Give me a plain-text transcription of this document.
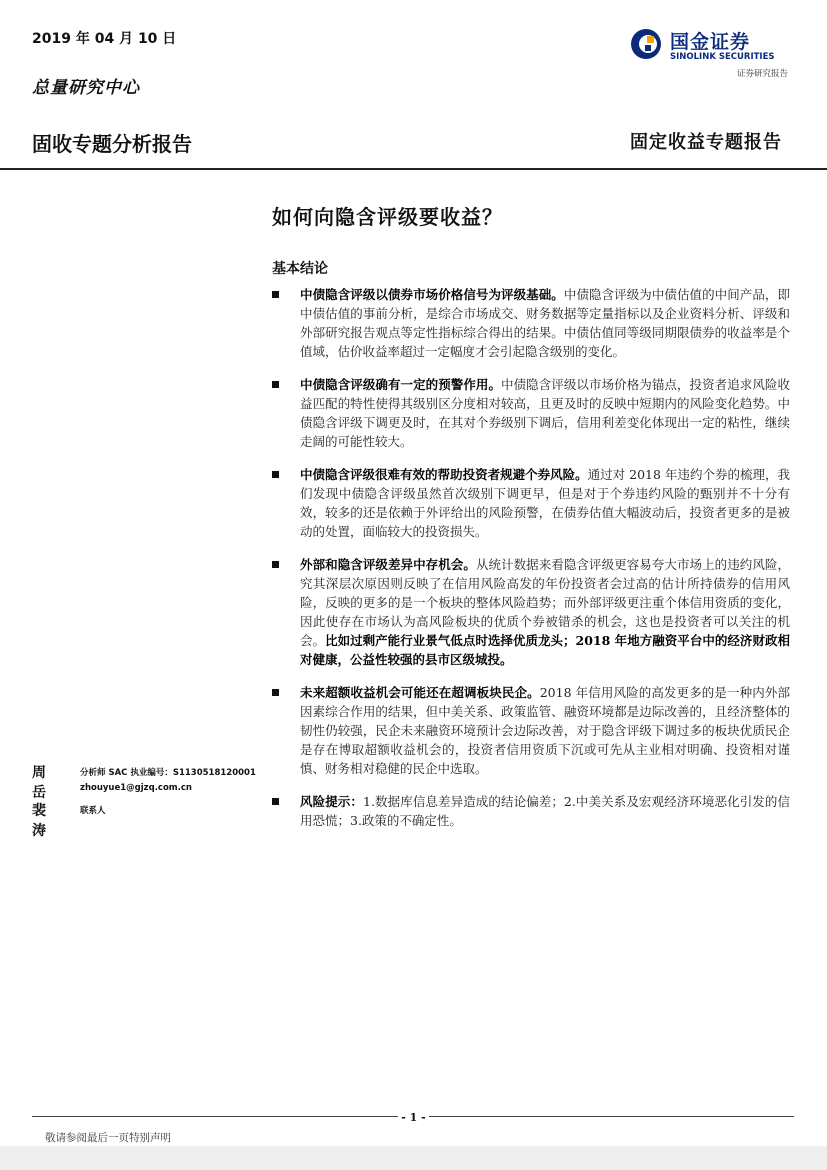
2019 年 04 月 10 日
总量研究中心
国金证券
SINOLINK SECURITIES
证券研究报告
固收专题分析报告	固定收益专题报告
如何向隐含评级要收益？
基本结论
中债隐含评级以债券市场价格信号为评级基础。中债隐含评级为中债估值的中间产品，即中债估值的事前分析，是综合市场成交、财务数据等定量指标以及企业资料分析、评级和外部研究报告观点等定性指标综合得出的结果。中债估值同等级同期限债券的收益率是个值域，估价收益率超过一定幅度才会引起隐含级别的变化。
中债隐含评级确有一定的预警作用。中债隐含评级以市场价格为锚点，投资者追求风险收益匹配的特性使得其级别区分度相对较高，且更及时的反映中短期内的风险变化趋势。中债隐含评级下调更及时，在其对个券级别下调后，信用利差变化体现出一定的粘性，继续走阔的可能性较大。
中债隐含评级很难有效的帮助投资者规避个券风险。通过对 2018 年违约个券的梳理，我们发现中债隐含评级虽然首次级别下调更早，但是对于个券违约风险的甄别并不十分有效，较多的还是依赖于外评给出的风险预警，在债券估值大幅波动后，投资者更多的是被动的处置，面临较大的投资损失。
外部和隐含评级差异中存机会。从统计数据来看隐含评级更容易夸大市场上的违约风险，究其深层次原因则反映了在信用风险高发的年份投资者会过高的估计所持债券的信用风险，反映的更多的是一个板块的整体风险趋势；而外部评级更注重个体信用资质的变化，因此使存在市场认为高风险板块的优质个券被错杀的机会，这也是投资者可以关注的机会。比如过剩产能行业景气低点时选择优质龙头；2018 年地方融资平台中的经济财政相对健康，公益性较强的县市区级城投。
未来超额收益机会可能还在超调板块民企。2018 年信用风险的高发更多的是一种内外部因素综合作用的结果，但中美关系、政策监管、融资环境都是边际改善的，且经济整体的韧性仍较强，民企未来融资环境预计会边际改善，对于隐含评级下调过多的板块优质民企是存在博取超额收益机会的，投资者信用资质下沉或可先从主业相对明确、投资相对谨慎、财务相对稳健的民企中选取。
风险提示：1.数据库信息差异造成的结论偏差；2.中美关系及宏观经济环境恶化引发的信用恐慌；3.政策的不确定性。
周岳
分析师 SAC 执业编号：S1130518120001
zhouyue1@gjzq.com.cn
裴涛
联系人
- 1 -
敬请参阅最后一页特别声明
